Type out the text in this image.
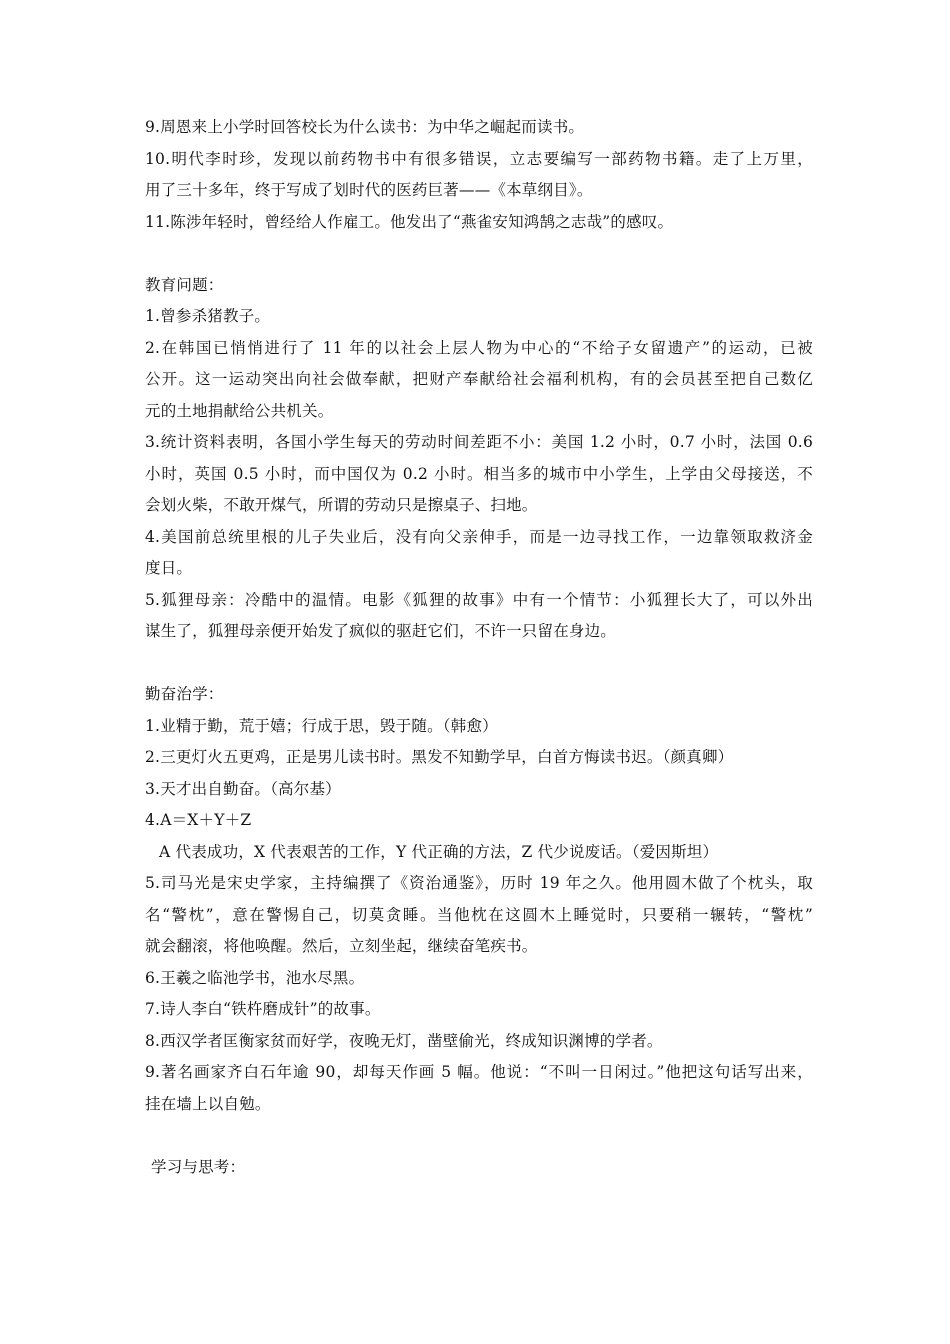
9.周恩来上小学时回答校长为什么读书：为中华之崛起而读书。
10.明代李时珍，发现以前药物书中有很多错误，立志要编写一部药物书籍。走了上万里，
用了三十多年，终于写成了划时代的医药巨著——《本草纲目》。
11.陈涉年轻时，曾经给人作雇工。他发出了“燕雀安知鸿鹄之志哉”的感叹。
教育问题：
1.曾参杀猪教子。
2.在韩国已悄悄进行了 11 年的以社会上层人物为中心的“不给子女留遗产”的运动，已被
公开。这一运动突出向社会做奉献，把财产奉献给社会福利机构，有的会员甚至把自己数亿
元的土地捐献给公共机关。
3.统计资料表明，各国小学生每天的劳动时间差距不小：美国 1.2 小时，0.7 小时，法国 0.6
小时，英国 0.5 小时，而中国仅为 0.2 小时。相当多的城市中小学生，上学由父母接送，不
会划火柴，不敢开煤气，所谓的劳动只是擦桌子、扫地。
4.美国前总统里根的儿子失业后，没有向父亲伸手，而是一边寻找工作，一边靠领取救济金
度日。
5.狐狸母亲：冷酷中的温情。电影《狐狸的故事》中有一个情节：小狐狸长大了，可以外出
谋生了，狐狸母亲便开始发了疯似的驱赶它们，不许一只留在身边。
勤奋治学：
1.业精于勤，荒于嬉；行成于思，毁于随。（韩愈）
2.三更灯火五更鸡，正是男儿读书时。黑发不知勤学早，白首方悔读书迟。（颜真卿）
3.天才出自勤奋。（高尔基）
4.A＝X＋Y＋Z
A 代表成功，X 代表艰苦的工作，Y 代正确的方法，Z 代少说废话。（爱因斯坦）
5.司马光是宋史学家，主持编撰了《资治通鉴》，历时 19 年之久。他用圆木做了个枕头，取
名“警枕”，意在警惕自己，切莫贪睡。当他枕在这圆木上睡觉时，只要稍一辗转，“警枕”
就会翻滚，将他唤醒。然后，立刻坐起，继续奋笔疾书。
6.王羲之临池学书，池水尽黑。
7.诗人李白“铁杵磨成针”的故事。
8.西汉学者匡衡家贫而好学，夜晚无灯，凿壁偷光，终成知识渊博的学者。
9.著名画家齐白石年逾 90，却每天作画 5 幅。他说：“不叫一日闲过。”他把这句话写出来，
挂在墙上以自勉。
学习与思考：
